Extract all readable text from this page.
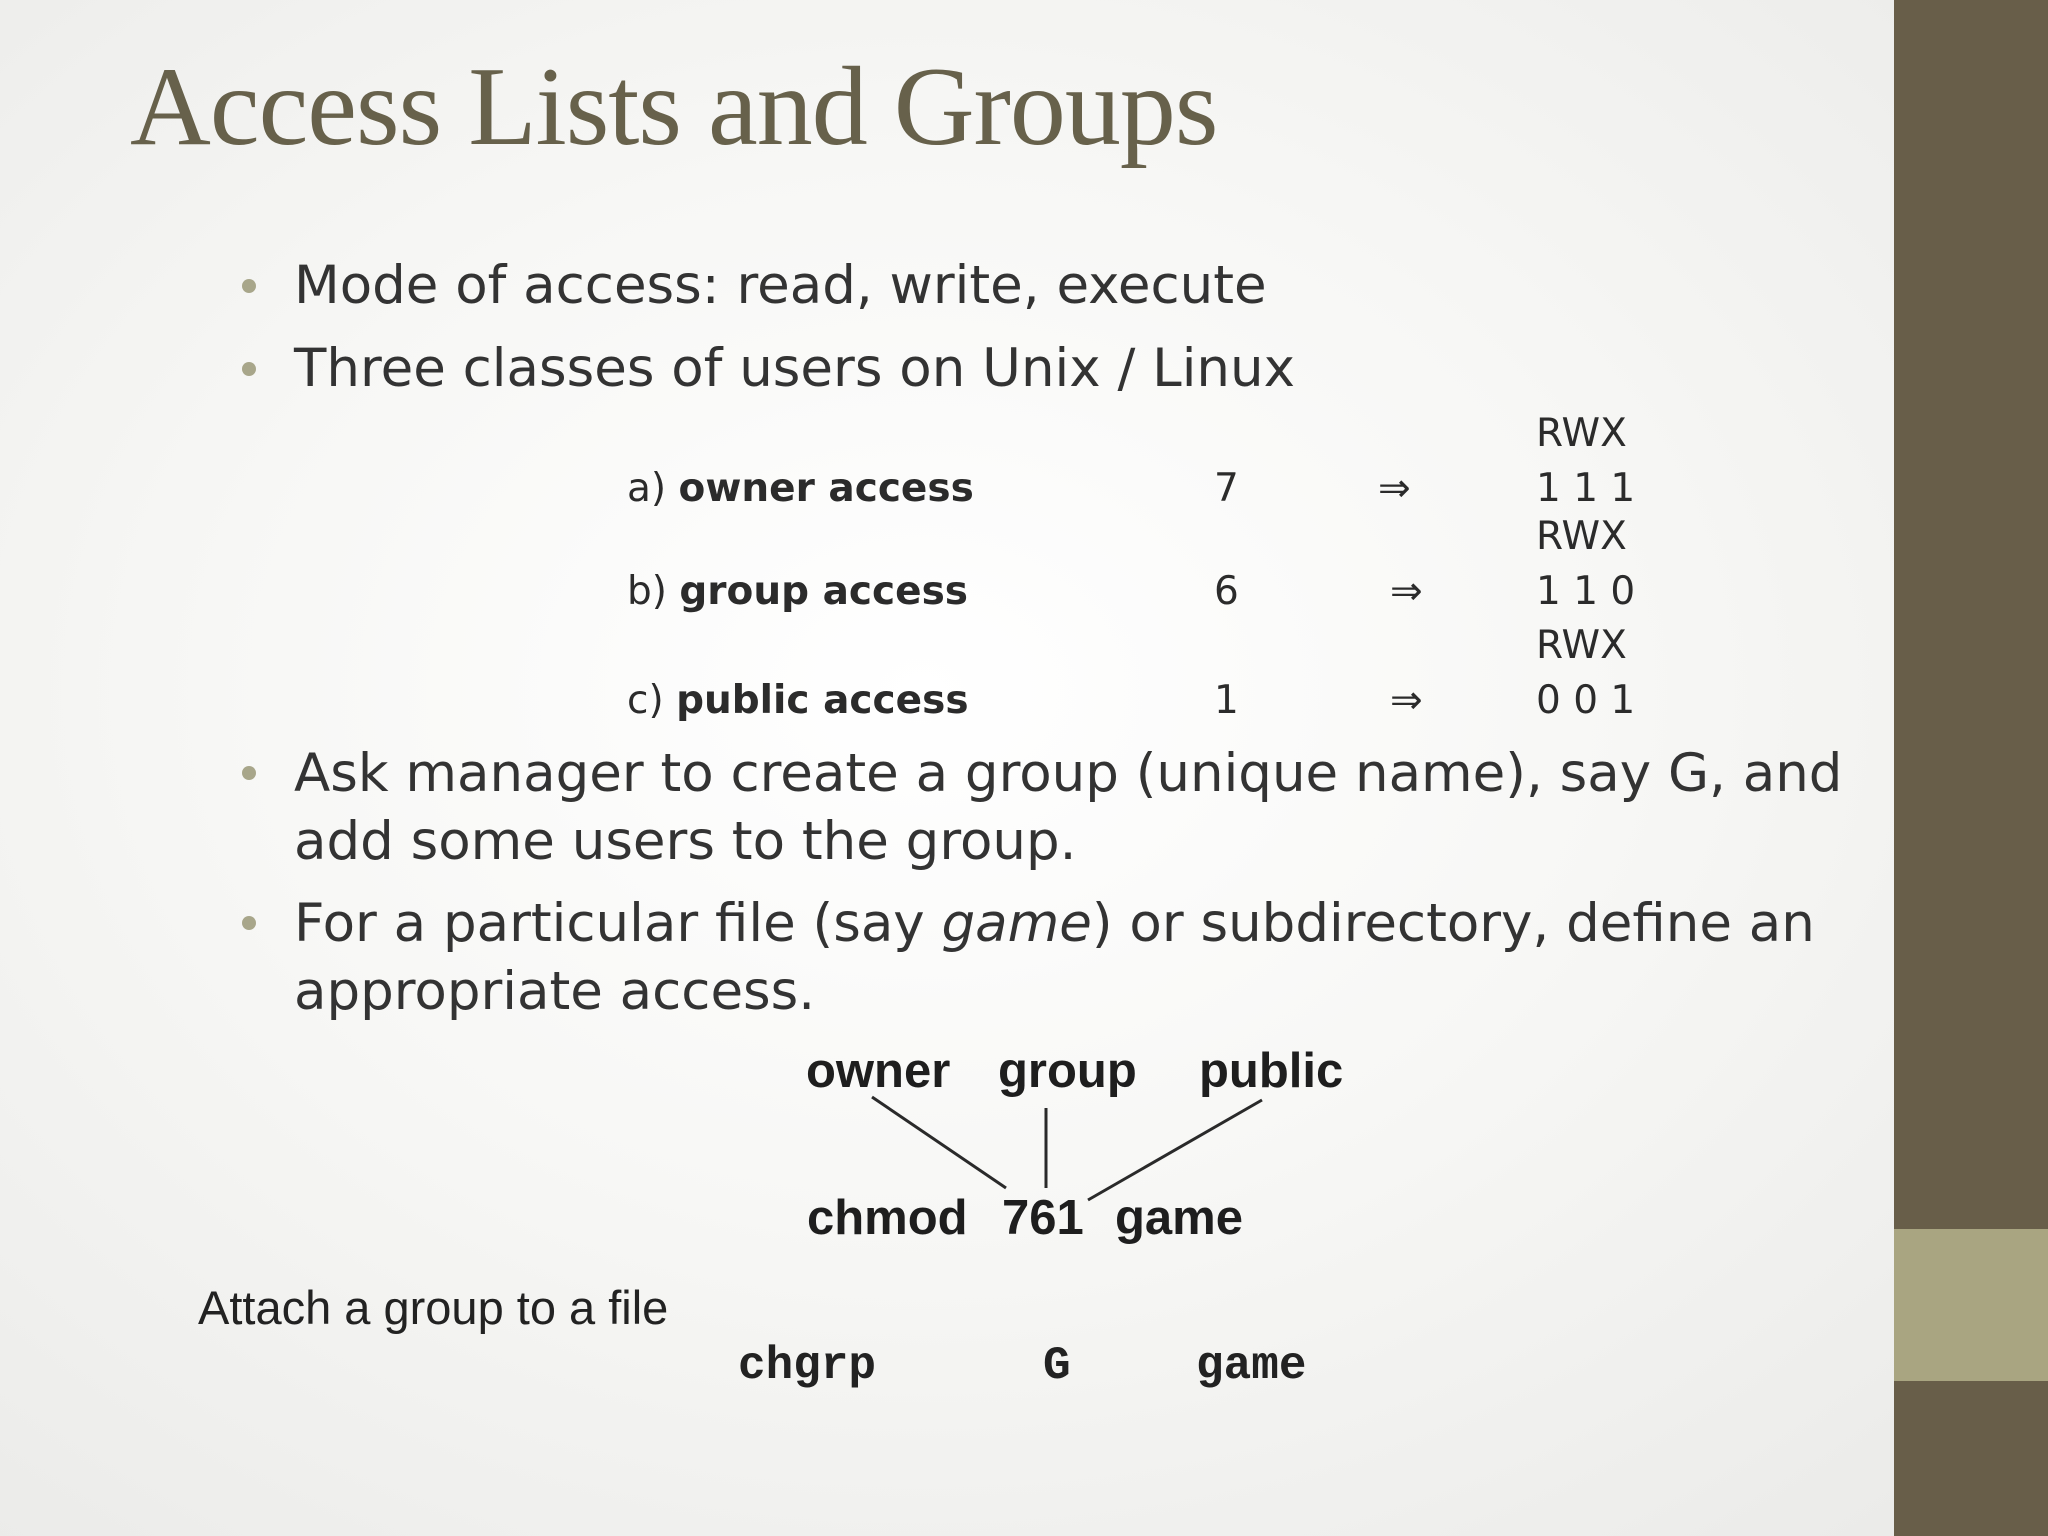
Access Lists and Groups
Mode of access: read, write, execute
Three classes of users on Unix / Linux
RWX
a) owner access	7	⇒	1 1 1
RWX
b) group access	6	⇒	1 1 0
RWX
c) public access	1	⇒	0 0 1
Ask manager to create a group (unique name), say G, and
add some users to the group.
For a particular file (say game) or subdirectory, define an
appropriate access.
owner group public
chmod 761 game
Attach a group to a file
chgrp	G	game
